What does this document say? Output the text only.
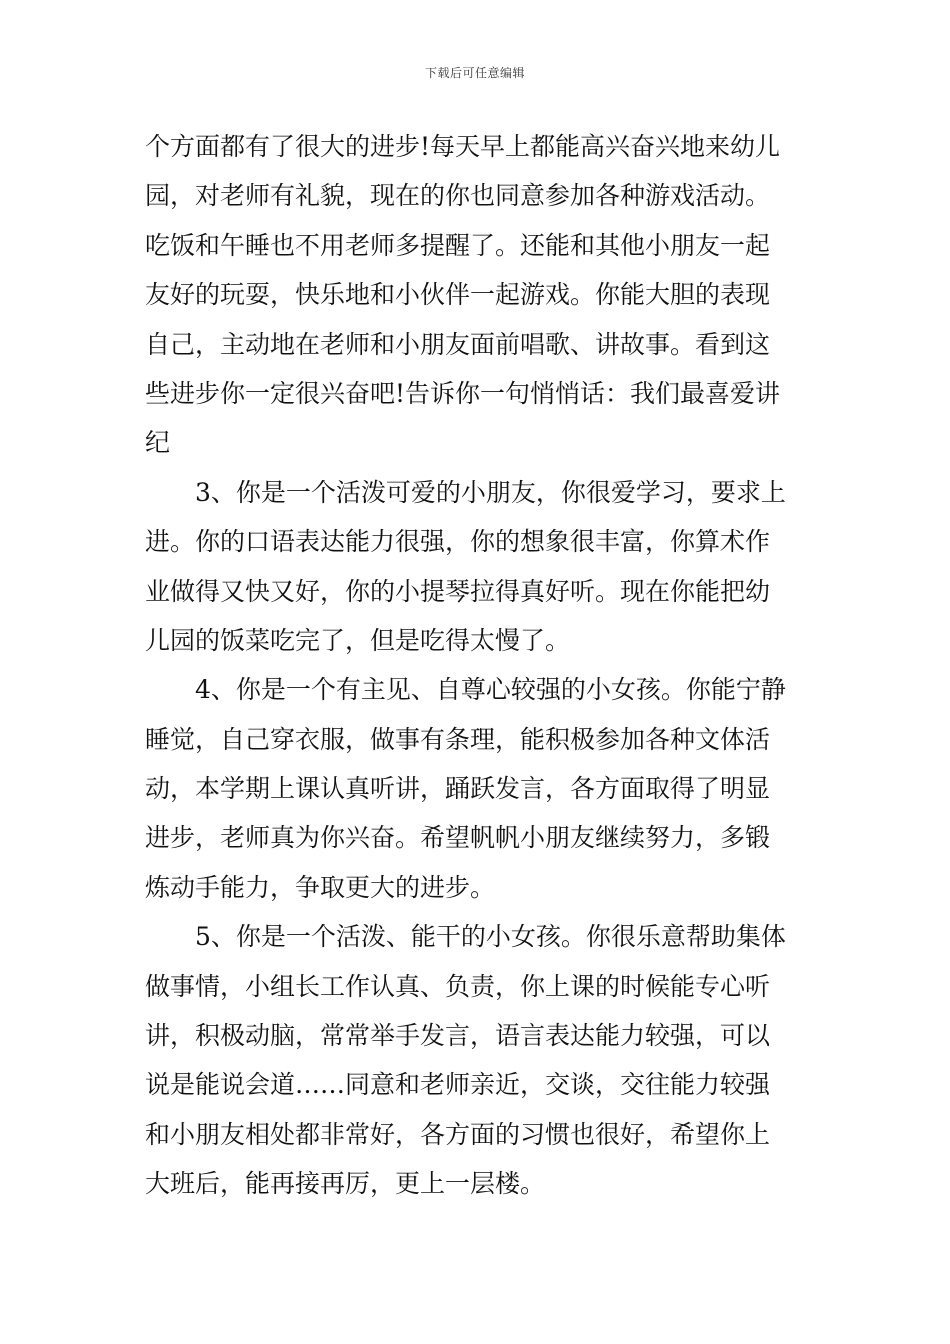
下载后可任意编辑
个方面都有了很大的进步!每天早上都能高兴奋兴地来幼儿
园，对老师有礼貌，现在的你也同意参加各种游戏活动。
吃饭和午睡也不用老师多提醒了。还能和其他小朋友一起
友好的玩耍，快乐地和小伙伴一起游戏。你能大胆的表现
自己，主动地在老师和小朋友面前唱歌、讲故事。看到这
些进步你一定很兴奋吧!告诉你一句悄悄话：我们最喜爱讲
纪
　　3、你是一个活泼可爱的小朋友，你很爱学习，要求上
进。你的口语表达能力很强，你的想象很丰富，你算术作
业做得又快又好，你的小提琴拉得真好听。现在你能把幼
儿园的饭菜吃完了，但是吃得太慢了。
　　4、你是一个有主见、自尊心较强的小女孩。你能宁静
睡觉，自己穿衣服，做事有条理，能积极参加各种文体活
动，本学期上课认真听讲，踊跃发言，各方面取得了明显
进步，老师真为你兴奋。希望帆帆小朋友继续努力，多锻
炼动手能力，争取更大的进步。
　　5、你是一个活泼、能干的小女孩。你很乐意帮助集体
做事情，小组长工作认真、负责，你上课的时候能专心听
讲，积极动脑，常常举手发言，语言表达能力较强，可以
说是能说会道……同意和老师亲近，交谈，交往能力较强
和小朋友相处都非常好，各方面的习惯也很好，希望你上
大班后，能再接再厉，更上一层楼。
